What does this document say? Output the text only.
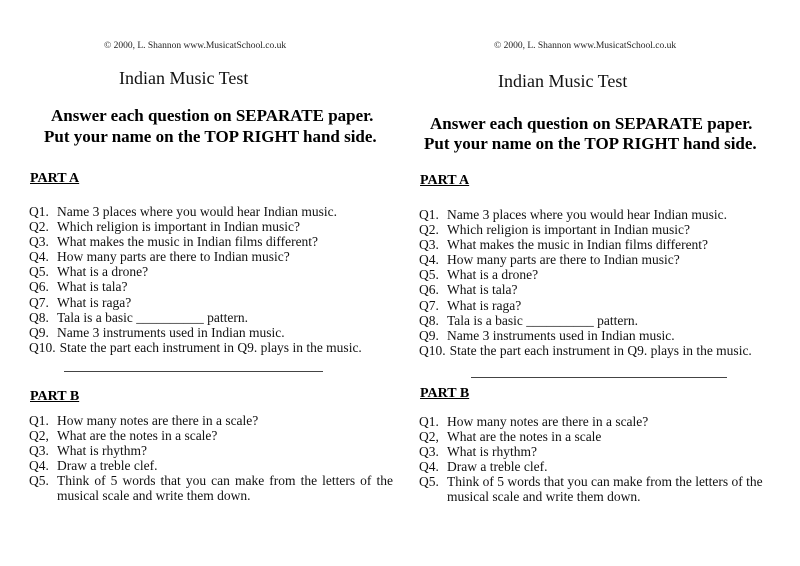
© 2000, L. Shannon www.MusicatSchool.co.uk
Indian Music Test
Answer each question on SEPARATE paper.
Put your name on the TOP RIGHT hand side.
PART A
Q1. Name 3 places where you would hear Indian music.
Q2. Which religion is important in Indian music?
Q3. What makes the music in Indian films different?
Q4. How many parts are there to Indian music?
Q5. What is a drone?
Q6. What is tala?
Q7. What is raga?
Q8. Tala is a basic __________ pattern.
Q9. Name 3 instruments used in Indian music.
Q10. State the part each instrument in Q9. plays in the music.
PART B
Q1. How many notes are there in a scale?
Q2, What are the notes in a scale?
Q3. What is rhythm?
Q4. Draw a treble clef.
Q5. Think of 5 words that you can make from the letters of the musical scale and write them down.
© 2000, L. Shannon www.MusicatSchool.co.uk
Indian Music Test
Answer each question on SEPARATE paper.
Put your name on the TOP RIGHT hand side.
PART A
Q1. Name 3 places where you would hear Indian music.
Q2. Which religion is important in Indian music?
Q3. What makes the music in Indian films different?
Q4. How many parts are there to Indian music?
Q5. What is a drone?
Q6. What is tala?
Q7. What is raga?
Q8. Tala is a basic __________ pattern.
Q9. Name 3 instruments used in Indian music.
Q10. State the part each instrument in Q9. plays in the music.
PART B
Q1. How many notes are there in a scale?
Q2, What are the notes in a scale
Q3. What is rhythm?
Q4. Draw a treble clef.
Q5. Think of 5 words that you can make from the letters of the musical scale and write them down.
